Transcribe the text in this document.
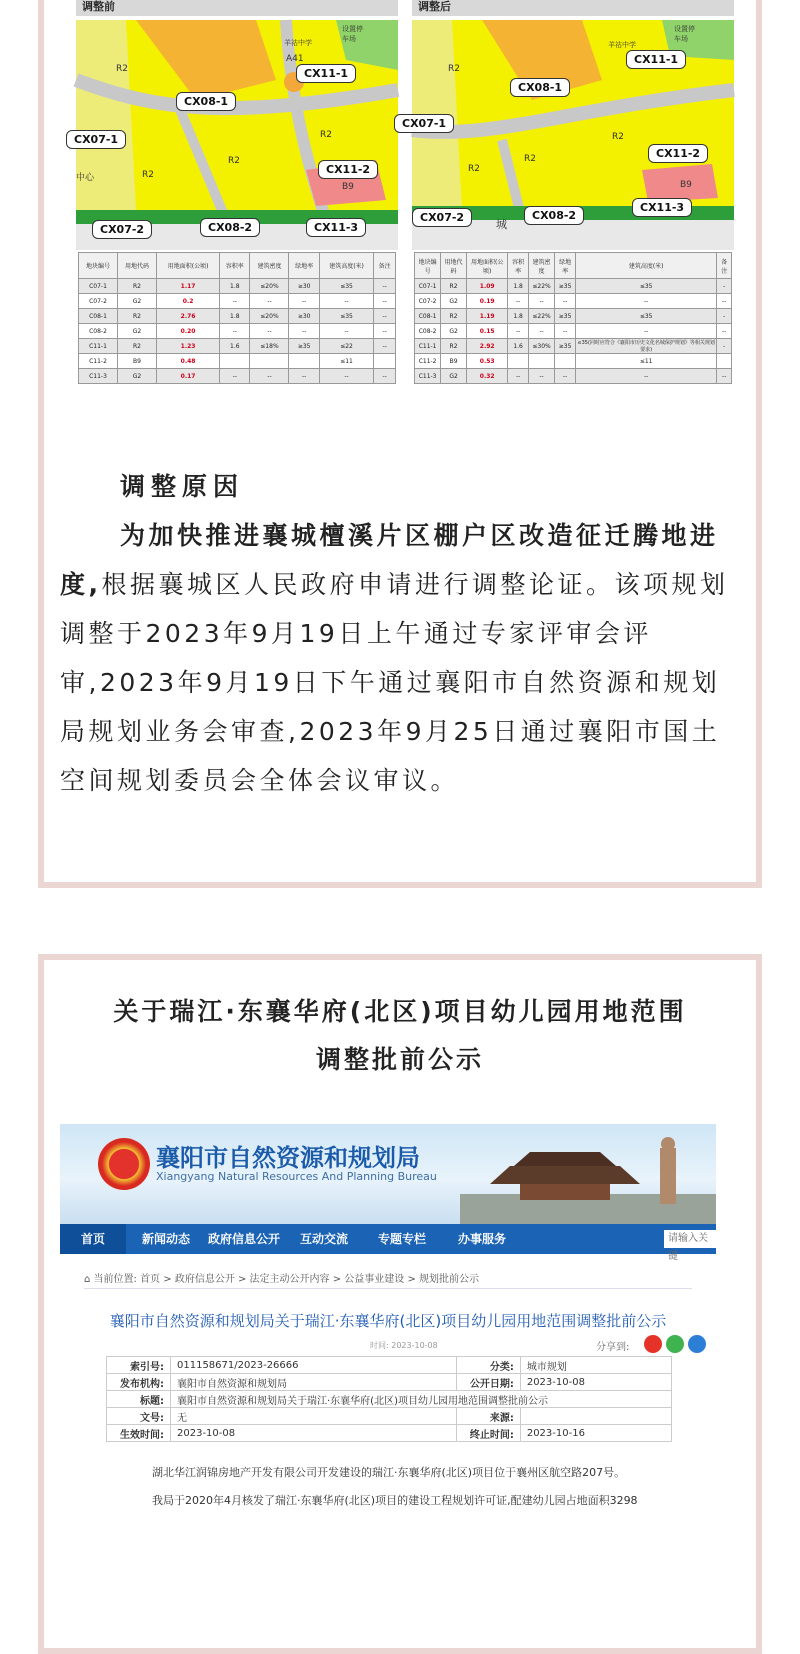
调整前
R2
R2
R2
R2
A41
B9
中心
羊祜中学
设置停车场
CX11-1
CX08-1
CX07-1
CX11-2
CX07-2	CX08-2	CX11-3
地块编号	用地代码	用地面积(公顷)	容积率	建筑密度	绿地率	建筑高度(米)	备注
C07-1	R2	1.17	1.8	≤20%	≥30	≤35	--
C07-2	G2	0.2	--	--	--	--	--
C08-1	R2	2.76	1.8	≤20%	≥30	≤35	--
C08-2	G2	0.20	--	--	--	--	--
C11-1	R2	1.23	1.6	≤18%	≥35	≤22	--
C11-2	B9	0.48				≤11	
C11-3	G2	0.17	--	--	--	--	--
调整后
R2
R2
R2
R2
B9
羊祜中学
设置停车场
城
CX11-1
CX08-1
CX07-1
CX11-2
CX07-2	CX08-2
CX11-3
地块编号	用地代码	用地面积(公顷)	容积率	建筑密度	绿地率	建筑高度(米)	备注
C07-1	R2	1.09	1.8	≤22%	≥35	≤35	-
C07-2	G2	0.19	--	--	--	--	--
C08-1	R2	1.19	1.8	≤22%	≥35	≤35	-
C08-2	G2	0.15	--	--	--	--	--
C11-1	R2	2.92	1.6	≤30%	≥35	≤35(同时应符合《襄阳市历史文化名城保护规划》等相关规划要求)	-
C11-2	B9	0.53				≤11	
C11-3	G2	0.32	--	--	--	--	--
调整原因
为加快推进襄城檀溪片区棚户区改造征迁腾地进度,根据襄城区人民政府申请进行调整论证。该项规划调整于2023年9月19日上午通过专家评审会评审,2023年9月19日下午通过襄阳市自然资源和规划局规划业务会审查,2023年9月25日通过襄阳市国土空间规划委员会全体会议审议。
关于瑞江·东襄华府(北区)项目幼儿园用地范围
调整批前公示
襄阳市自然资源和规划局
Xiangyang Natural Resources And Planning Bureau
首页	新闻动态 政府信息公开 互动交流 专题专栏	办事服务	请输入关键
⌂ 当前位置: 首页 > 政府信息公开 > 法定主动公开内容 > 公益事业建设 > 规划批前公示
襄阳市自然资源和规划局关于瑞江·东襄华府(北区)项目幼儿园用地范围调整批前公示
时间: 2023-10-08	分享到:
索引号:	011158671/2023-26666	分类:	城市规划
发布机构:	襄阳市自然资源和规划局	公开日期:	2023-10-08
标题:	襄阳市自然资源和规划局关于瑞江·东襄华府(北区)项目幼儿园用地范围调整批前公示		
文号:	无	来源:	
生效时间:	2023-10-08	终止时间:	2023-10-16
湖北华江润锦房地产开发有限公司开发建设的瑞江·东襄华府(北区)项目位于襄州区航空路207号。
我局于2020年4月核发了瑞江·东襄华府(北区)项目的建设工程规划许可证,配建幼儿园占地面积3298
